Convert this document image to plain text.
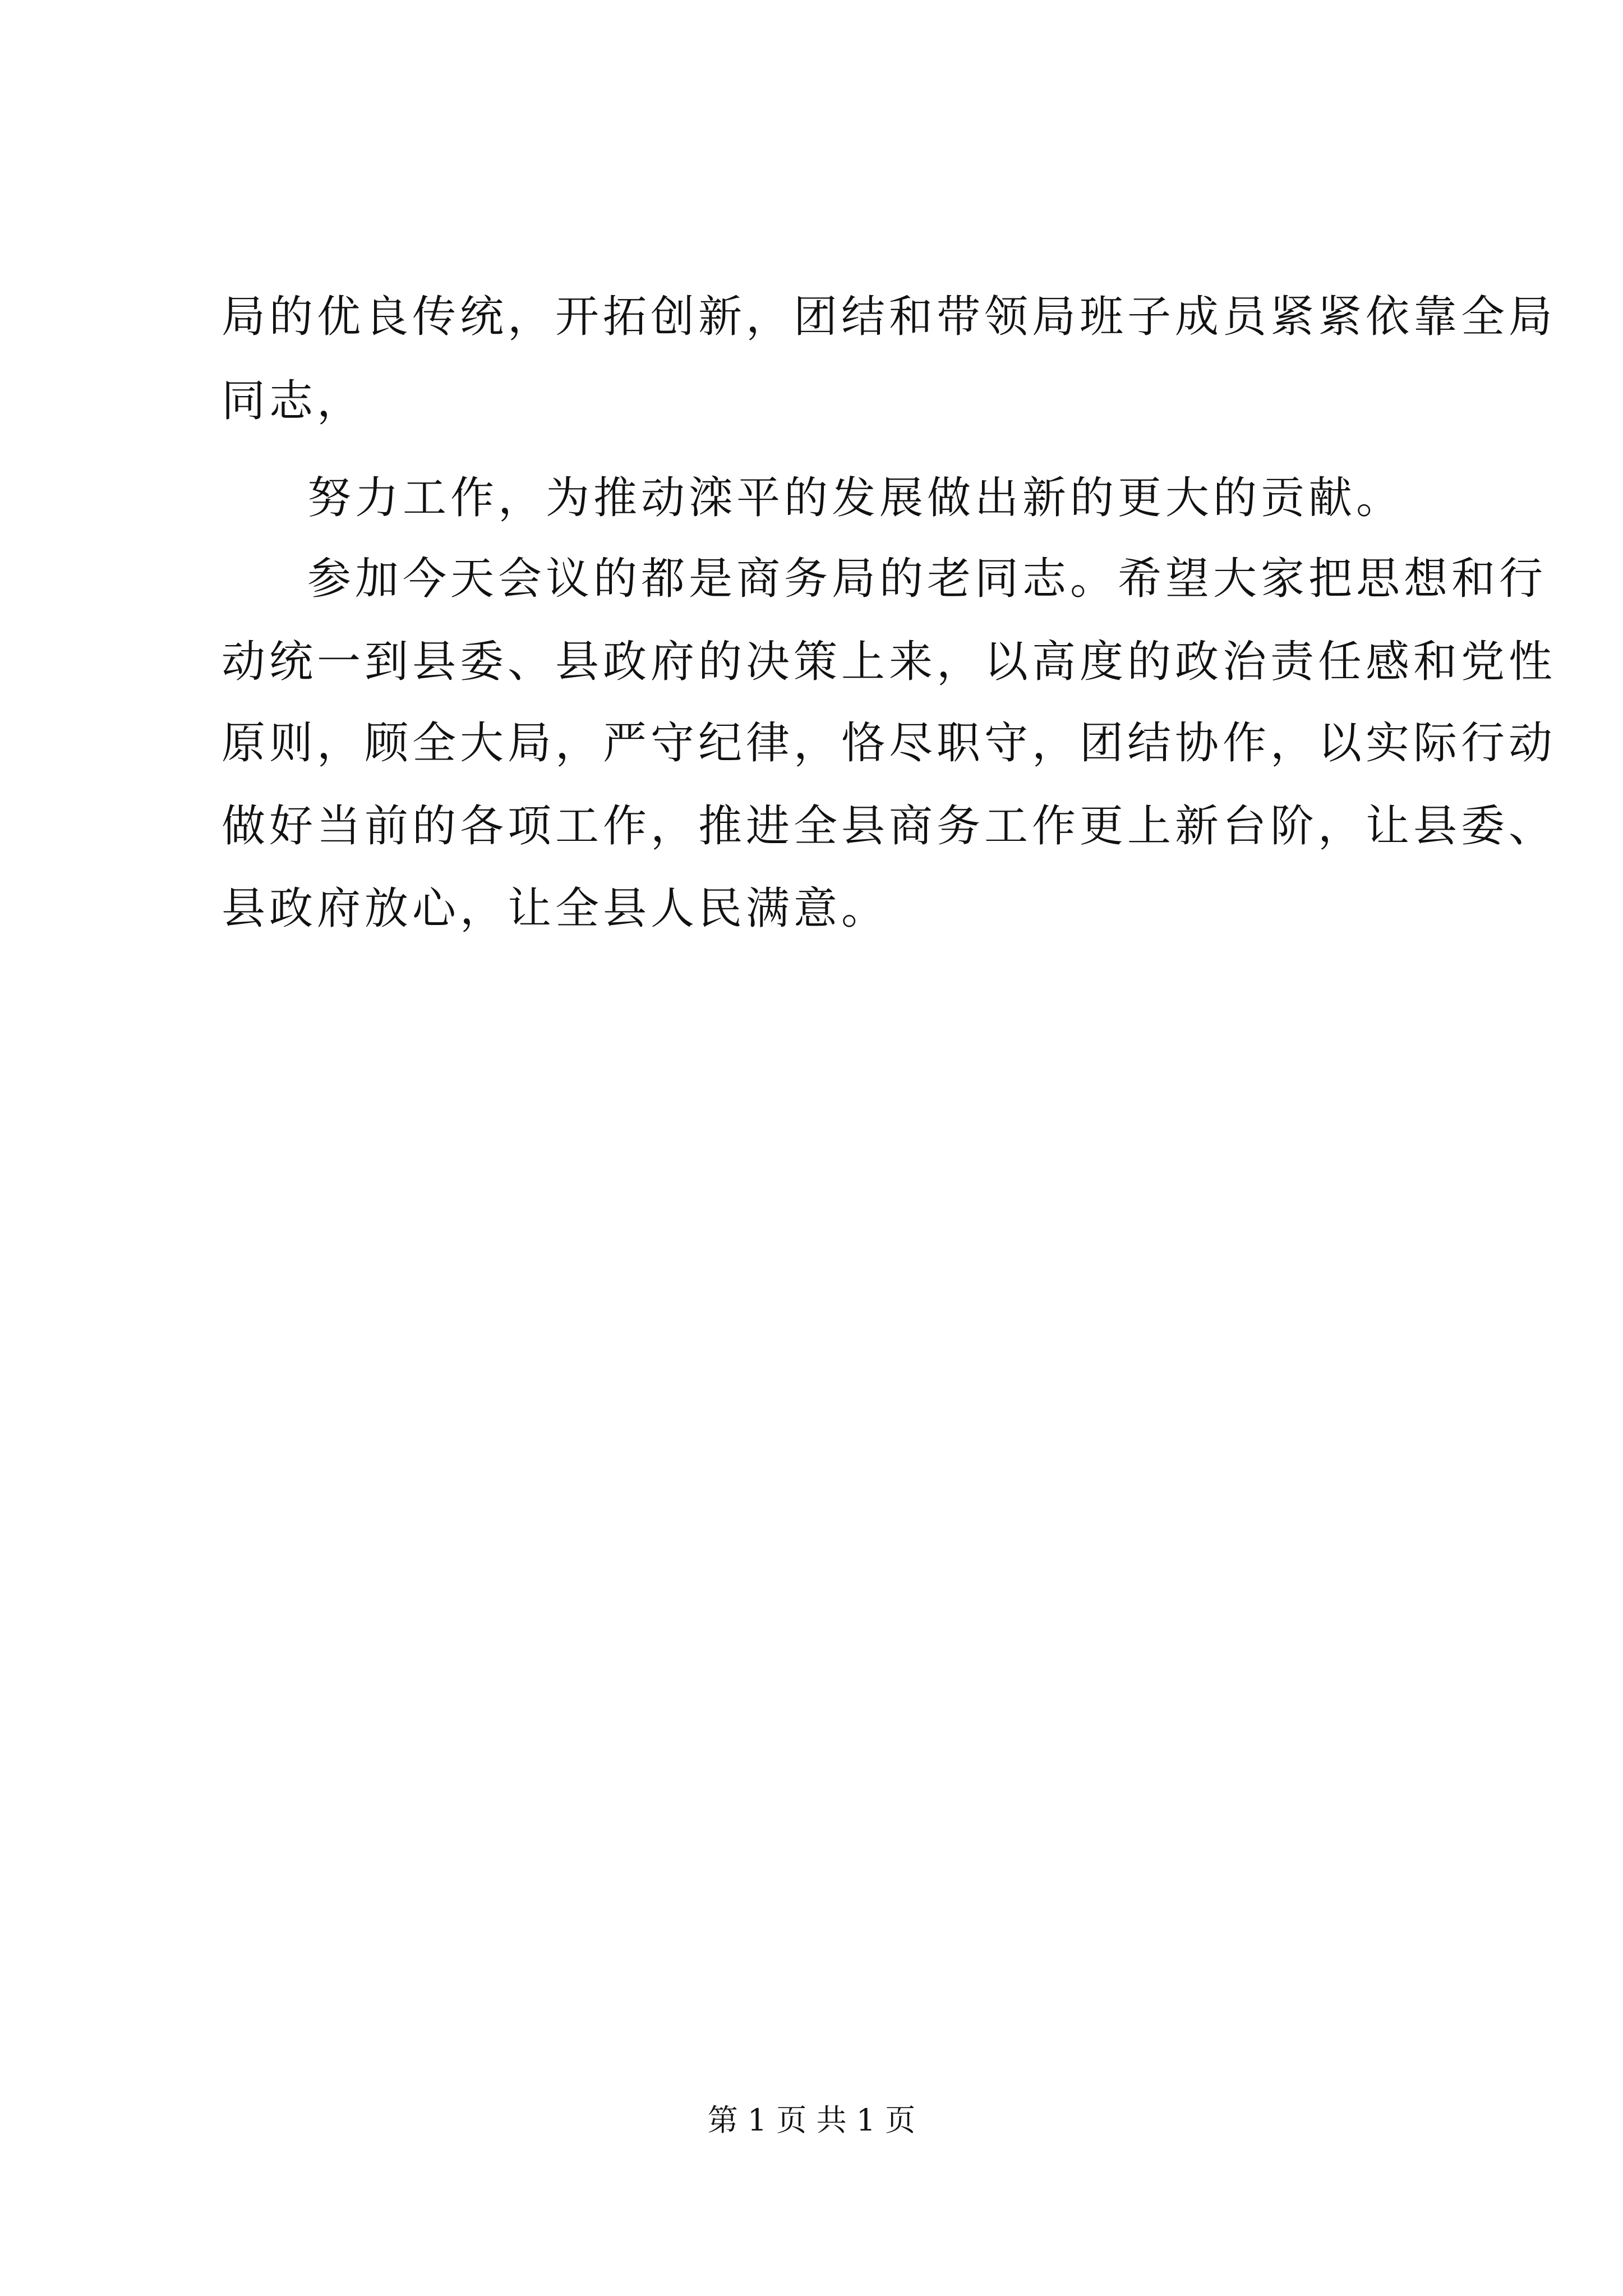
局的优良传统，开拓创新，团结和带领局班子成员紧紧依靠全局

同志，

努力工作，为推动滦平的发展做出新的更大的贡献。

参加今天会议的都是商务局的老同志。希望大家把思想和行

动统一到县委、县政府的决策上来，以高度的政治责任感和党性

原则，顾全大局，严守纪律，恪尽职守，团结协作，以实际行动

做好当前的各项工作，推进全县商务工作更上新台阶，让县委、

县政府放心，让全县人民满意。

第 1 页 共 1 页
